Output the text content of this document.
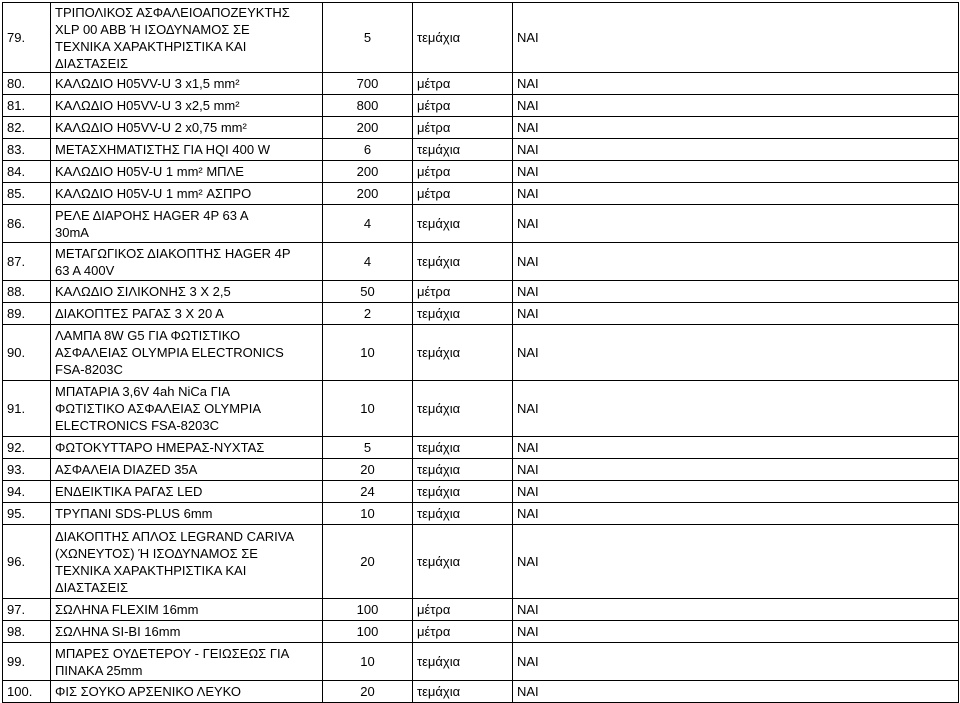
79.	ΤΡΙΠΟΛΙΚΟΣ ΑΣΦΑΛΕΙΟΑΠΟΖΕΥΚΤΗΣ
XLP 00 ABB Ή ΙΣΟΔΥΝΑΜΟΣ ΣΕ
ΤΕΧΝΙΚΑ ΧΑΡΑΚΤΗΡΙΣΤΙΚΑ ΚΑΙ
ΔΙΑΣΤΑΣΕΙΣ	5	τεμάχια	ΝΑΙ
80.	ΚΑΛΩΔΙΟ H05VV-U 3 x1,5 mm²	700	μέτρα	ΝΑΙ
81.	ΚΑΛΩΔΙΟ H05VV-U 3 x2,5 mm²	800	μέτρα	ΝΑΙ
82.	ΚΑΛΩΔΙΟ H05VV-U 2 x0,75 mm²	200	μέτρα	ΝΑΙ
83.	ΜΕΤΑΣΧΗΜΑΤΙΣΤΗΣ ΓΙΑ HQI 400 W	6	τεμάχια	ΝΑΙ
84.	ΚΑΛΩΔΙΟ H05V-U 1 mm² ΜΠΛΕ	200	μέτρα	ΝΑΙ
85.	ΚΑΛΩΔΙΟ H05V-U 1 mm² ΑΣΠΡΟ	200	μέτρα	ΝΑΙ
86.	ΡΕΛΕ ΔΙΑΡΟΗΣ HAGER 4P 63 A
30mA	4	τεμάχια	ΝΑΙ
87.	ΜΕΤΑΓΩΓΙΚΟΣ ΔΙΑΚΟΠΤΗΣ HAGER 4P
63 A 400V	4	τεμάχια	ΝΑΙ
88.	ΚΑΛΩΔΙΟ ΣΙΛΙΚΟΝΗΣ 3 Χ 2,5	50	μέτρα	ΝΑΙ
89.	ΔΙΑΚΟΠΤΕΣ ΡΑΓΑΣ 3 Χ 20 Α	2	τεμάχια	ΝΑΙ
90.	ΛΑΜΠΑ 8W G5 ΓΙΑ ΦΩΤΙΣΤΙΚΟ
ΑΣΦΑΛΕΙΑΣ OLYMPIA ELECTRONICS
FSA-8203C	10	τεμάχια	ΝΑΙ
91.	ΜΠΑΤΑΡΙΑ 3,6V 4ah NiCa ΓΙΑ
ΦΩΤΙΣΤΙΚΟ ΑΣΦΑΛΕΙΑΣ OLYMPIA
ELECTRONICS FSA-8203C	10	τεμάχια	ΝΑΙ
92.	ΦΩΤΟΚΥΤΤΑΡΟ ΗΜΕΡΑΣ-ΝΥΧΤΑΣ	5	τεμάχια	ΝΑΙ
93.	ΑΣΦΑΛΕΙΑ DIAZED 35A	20	τεμάχια	ΝΑΙ
94.	ΕΝΔΕΙΚΤΙΚΑ ΡΑΓΑΣ LED	24	τεμάχια	ΝΑΙ
95.	ΤΡΥΠΑΝΙ SDS-PLUS 6mm	10	τεμάχια	ΝΑΙ
96.	ΔΙΑΚΟΠΤΗΣ ΑΠΛΟΣ LEGRAND CARIVA
(ΧΩΝΕΥΤΟΣ) Ή ΙΣΟΔΥΝΑΜΟΣ ΣΕ
ΤΕΧΝΙΚΑ ΧΑΡΑΚΤΗΡΙΣΤΙΚΑ ΚΑΙ
ΔΙΑΣΤΑΣΕΙΣ	20	τεμάχια	ΝΑΙ
97.	ΣΩΛΗΝΑ FLEXIM 16mm	100	μέτρα	ΝΑΙ
98.	ΣΩΛΗΝΑ SI-BI 16mm	100	μέτρα	ΝΑΙ
99.	ΜΠΑΡΕΣ ΟΥΔΕΤΕΡΟΥ - ΓΕΙΩΣΕΩΣ ΓΙΑ
ΠΙΝΑΚΑ 25mm	10	τεμάχια	ΝΑΙ
100.	ΦΙΣ ΣΟΥΚΟ ΑΡΣΕΝΙΚΟ ΛΕΥΚΟ	20	τεμάχια	ΝΑΙ
